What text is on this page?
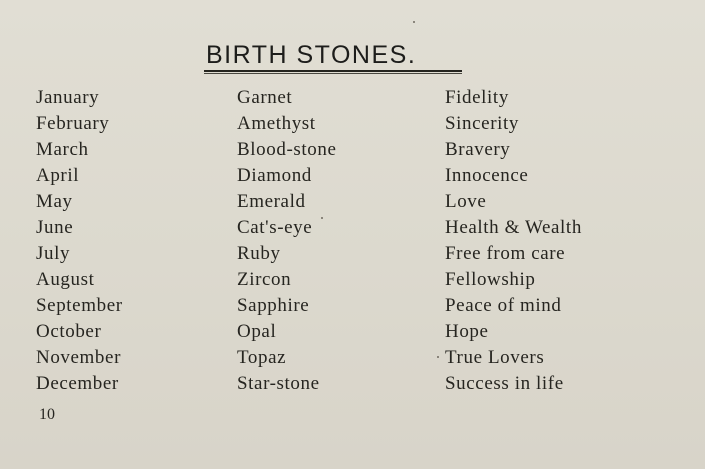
BIRTH STONES.
January	Garnet	Fidelity
February	Amethyst	Sincerity
March	Blood-stone	Bravery
April	Diamond	Innocence
May	Emerald	Love
June	Cat's-eye	Health & Wealth
July	Ruby	Free from care
August	Zircon	Fellowship
September	Sapphire	Peace of mind
October	Opal	Hope
November	Topaz	True Lovers
December	Star-stone	Success in life
10
